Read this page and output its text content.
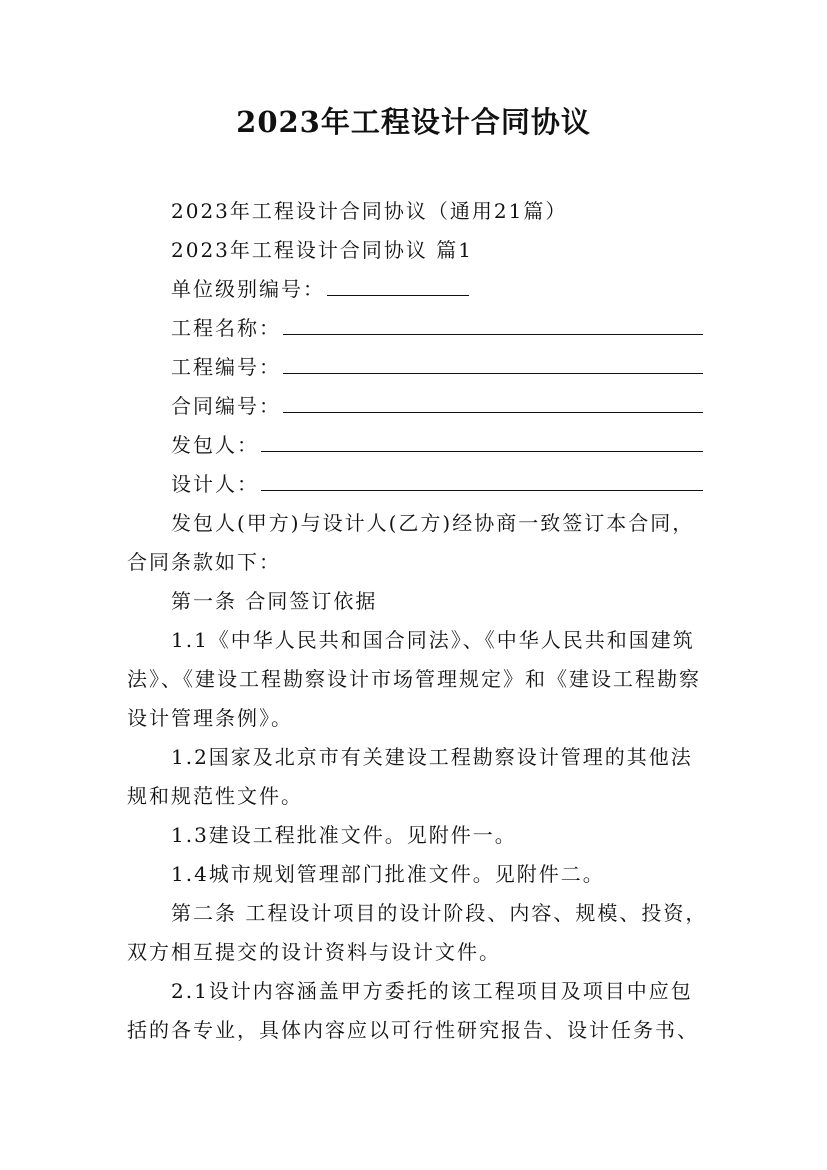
2023年工程设计合同协议
2023年工程设计合同协议（通用21篇）
2023年工程设计合同协议 篇1
单位级别编号：
工程名称：
工程编号：
合同编号：
发包人：
设计人：
发包人(甲方)与设计人(乙方)经协商一致签订本合同，
合同条款如下：
第一条 合同签订依据
1.1《中华人民共和国合同法》、《中华人民共和国建筑
法》、《建设工程勘察设计市场管理规定》和《建设工程勘察
设计管理条例》。
1.2国家及北京市有关建设工程勘察设计管理的其他法
规和规范性文件。
1.3建设工程批准文件。见附件一。
1.4城市规划管理部门批准文件。见附件二。
第二条 工程设计项目的设计阶段、内容、规模、投资，
双方相互提交的设计资料与设计文件。
2.1设计内容涵盖甲方委托的该工程项目及项目中应包
括的各专业，具体内容应以可行性研究报告、设计任务书、
